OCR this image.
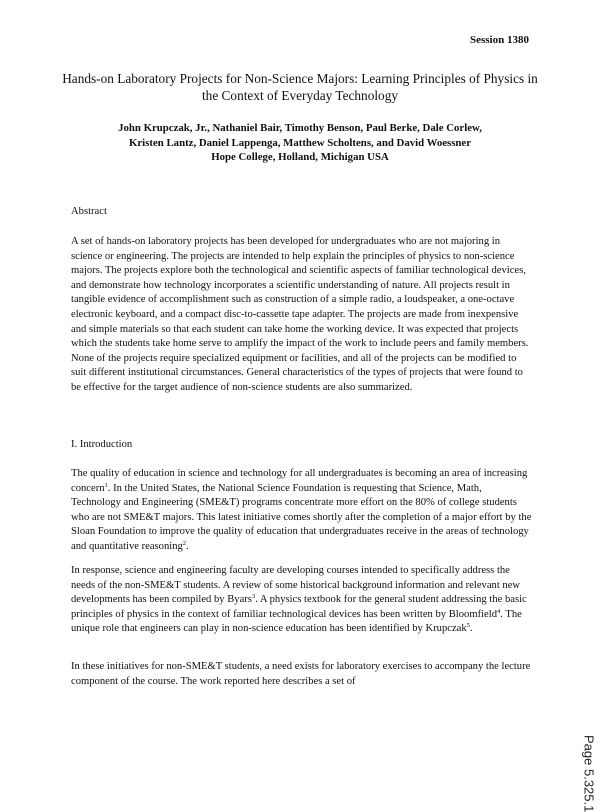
Session 1380
Hands-on Laboratory Projects for Non-Science Majors: Learning Principles of Physics in the Context of Everyday Technology
John Krupczak, Jr., Nathaniel Bair, Timothy Benson, Paul Berke, Dale Corlew,
Kristen Lantz, Daniel Lappenga, Matthew Scholtens, and David Woessner
Hope College, Holland, Michigan USA
Abstract
A set of hands-on laboratory projects has been developed for undergraduates who are not majoring in science or engineering. The projects are intended to help explain the principles of physics to non-science majors. The projects explore both the technological and scientific aspects of familiar technological devices, and demonstrate how technology incorporates a scientific understanding of nature. All projects result in tangible evidence of accomplishment such as construction of a simple radio, a loudspeaker, a one-octave electronic keyboard, and a compact disc-to-cassette tape adapter. The projects are made from inexpensive and simple materials so that each student can take home the working device. It was expected that projects which the students take home serve to amplify the impact of the work to include peers and family members. None of the projects require specialized equipment or facilities, and all of the projects can be modified to suit different institutional circumstances. General characteristics of the types of projects that were found to be effective for the target audience of non-science students are also summarized.
I. Introduction
The quality of education in science and technology for all undergraduates is becoming an area of increasing concern$^1$. In the United States, the National Science Foundation is requesting that Science, Math, Technology and Engineering (SME&T) programs concentrate more effort on the 80% of college students who are not SME&T majors. This latest initiative comes shortly after the completion of a major effort by the Sloan Foundation to improve the quality of education that undergraduates receive in the areas of technology and quantitative reasoning$^2$.
In response, science and engineering faculty are developing courses intended to specifically address the needs of the non-SME&T students. A review of some historical background information and relevant new developments has been compiled by Byars$^3$. A physics textbook for the general student addressing the basic principles of physics in the context of familiar technological devices has been written by Bloomfield$^4$. The unique role that engineers can play in non-science education has been identified by Krupczak$^5$.
In these initiatives for non-SME&T students, a need exists for laboratory exercises to accompany the lecture component of the course. The work reported here describes a set of
Page 5.325.1
